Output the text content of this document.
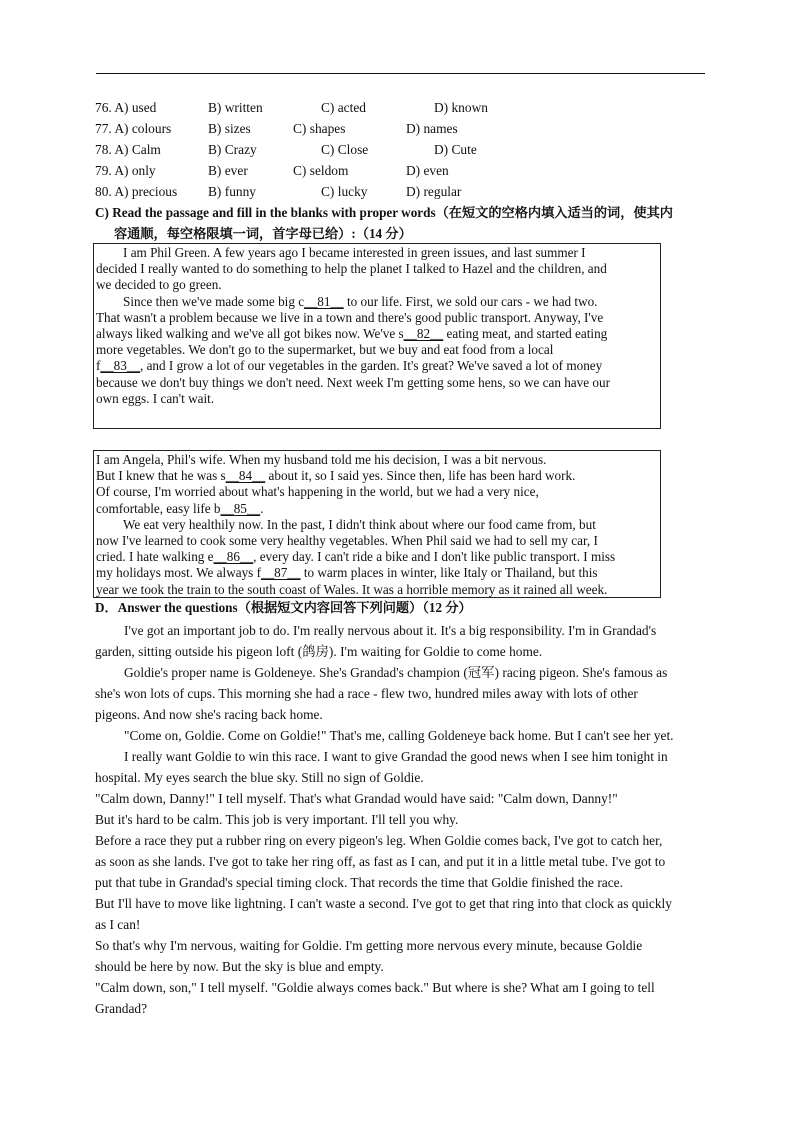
76. A) used	B) written	C) acted	D) known
77. A) colours	B) sizes	C) shapes	D) names
78. A) Calm	B) Crazy	C) Close	D) Cute
79. A) only	B) ever	C) seldom	D) even
80. A) precious B) funny	C) lucky	D) regular
C) Read the passage and fill in the blanks with proper words（在短文的空格内填入适当的词，使其内
容通顺，每空格限填一词，首字母已给）:（14 分）
I am Phil Green. A few years ago I became interested in green issues, and last summer I
decided I really wanted to do something to help the planet I talked to Hazel and the children, and
we decided to go green.
Since then we've made some big c__81__ to our life. First, we sold our cars - we had two.
That wasn't a problem because we live in a town and there's good public transport. Anyway, I've
always liked walking and we've all got bikes now. We've s__82__ eating meat, and started eating
more vegetables. We don't go to the supermarket, but we buy and eat food from a local
f__83__, and I grow a lot of our vegetables in the garden. It's great? We've saved a lot of money
because we don't buy things we don't need. Next week I'm getting some hens, so we can have our
own eggs. I can't wait.
I am Angela, Phil's wife. When my husband told me his decision, I was a bit nervous.
But I knew that he was s__84__ about it, so I said yes. Since then, life has been hard work.
Of course, I'm worried about what's happening in the world, but we had a very nice,
comfortable, easy life b__85__.
We eat very healthily now. In the past, I didn't think about where our food came from, but
now I've learned to cook some very healthy vegetables. When Phil said we had to sell my car, I
cried. I hate walking e__86__, every day. I can't ride a bike and I don't like public transport. I miss
my holidays most. We always f__87__ to warm places in winter, like Italy or Thailand, but this
year we took the train to the south coast of Wales. It was a horrible memory as it rained all week.
D．Answer the questions（根据短文内容回答下列问题）（12 分）
I've got an important job to do. I'm really nervous about it. It's a big responsibility. I'm in Grandad's
garden, sitting outside his pigeon loft (鸽房). I'm waiting for Goldie to come home.
Goldie's proper name is Goldeneye. She's Grandad's champion (冠军) racing pigeon. She's famous as
she's won lots of cups. This morning she had a race - flew two, hundred miles away with lots of other
pigeons. And now she's racing back home.
"Come on, Goldie. Come on Goldie!" That's me, calling Goldeneye back home. But I can't see her yet.
I really want Goldie to win this race. I want to give Grandad the good news when I see him tonight in
hospital. My eyes search the blue sky. Still no sign of Goldie.
"Calm down, Danny!" I tell myself. That's what Grandad would have said: "Calm down, Danny!"
But it's hard to be calm. This job is very important. I'll tell you why.
Before a race they put a rubber ring on every pigeon's leg. When Goldie comes back, I've got to catch her,
as soon as she lands. I've got to take her ring off, as fast as I can, and put it in a little metal tube. I've got to
put that tube in Grandad's special timing clock. That records the time that Goldie finished the race.
But I'll have to move like lightning. I can't waste a second. I've got to get that ring into that clock as quickly
as I can!
So that's why I'm nervous, waiting for Goldie. I'm getting more nervous every minute, because Goldie
should be here by now. But the sky is blue and empty.
"Calm down, son," I tell myself. "Goldie always comes back." But where is she? What am I going to tell
Grandad?
